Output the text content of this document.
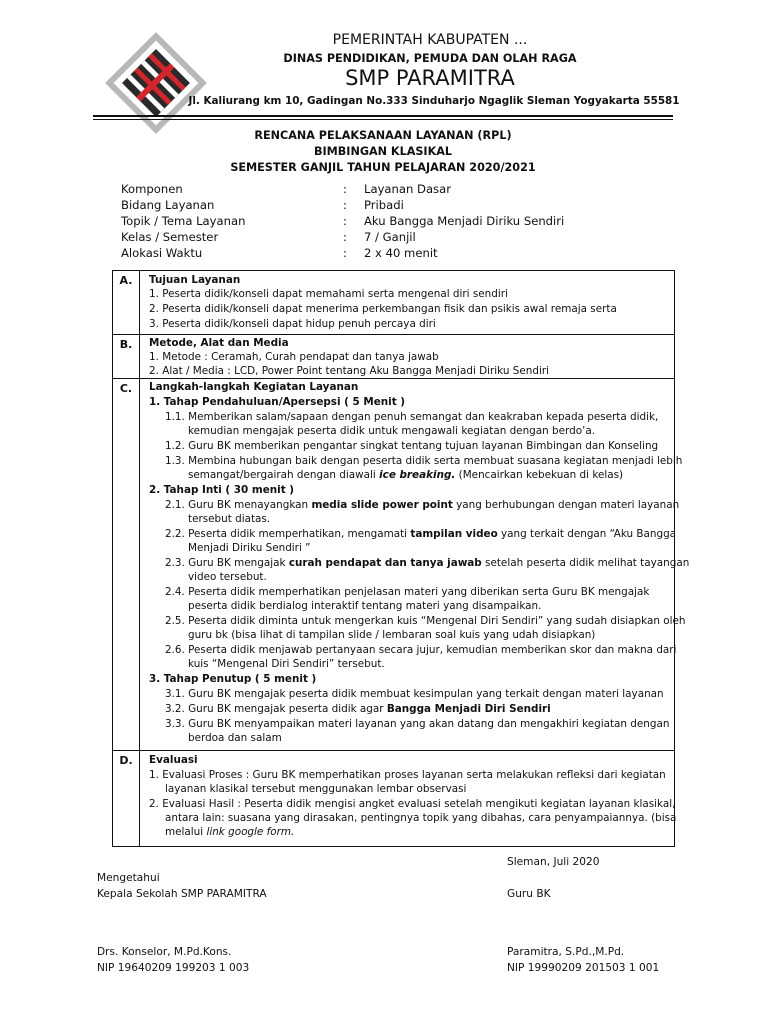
PEMERINTAH KABUPATEN ...
DINAS PENDIDIKAN, PEMUDA DAN OLAH RAGA
SMP PARAMITRA
Jl. Kaliurang km 10, Gadingan No.333 Sinduharjo Ngaglik Sleman Yogyakarta 55581
RENCANA PELAKSANAAN LAYANAN (RPL)
BIMBINGAN KLASIKAL
SEMESTER GANJIL TAHUN PELAJARAN 2020/2021
Komponen	: Layanan Dasar
Bidang Layanan	: Pribadi
Topik / Tema Layanan	: Aku Bangga Menjadi Diriku Sendiri
Kelas / Semester	: 7 / Ganjil
Alokasi Waktu	: 2 x 40 menit
A.	Tujuan Layanan
1. Peserta didik/konseli dapat memahami serta mengenal diri sendiri
2. Peserta didik/konseli dapat menerima perkembangan fisik dan psikis awal remaja serta
3. Peserta didik/konseli dapat hidup penuh percaya diri
B.	Metode, Alat dan Media
1. Metode : Ceramah, Curah pendapat dan tanya jawab
2. Alat / Media : LCD, Power Point tentang Aku Bangga Menjadi Diriku Sendiri
C.	Langkah-langkah Kegiatan Layanan
1. Tahap Pendahuluan/Apersepsi ( 5 Menit )
1.1. Memberikan salam/sapaan dengan penuh semangat dan keakraban kepada peserta didik,
kemudian mengajak peserta didik untuk mengawali kegiatan dengan berdo’a.
1.2. Guru BK memberikan pengantar singkat tentang tujuan layanan Bimbingan dan Konseling
1.3. Membina hubungan baik dengan peserta didik serta membuat suasana kegiatan menjadi lebih
semangat/bergairah dengan diawali ice breaking. (Mencairkan kebekuan di kelas)
2. Tahap Inti ( 30 menit )
2.1. Guru BK menayangkan media slide power point yang berhubungan dengan materi layanan
tersebut diatas.
2.2. Peserta didik memperhatikan, mengamati tampilan video yang terkait dengan “Aku Bangga
Menjadi Diriku Sendiri ”
2.3. Guru BK mengajak curah pendapat dan tanya jawab setelah peserta didik melihat tayangan
video tersebut.
2.4. Peserta didik memperhatikan penjelasan materi yang diberikan serta Guru BK mengajak
peserta didik berdialog interaktif tentang materi yang disampaikan.
2.5. Peserta didik diminta untuk mengerkan kuis “Mengenal Diri Sendiri” yang sudah disiapkan oleh
guru bk (bisa lihat di tampilan slide / lembaran soal kuis yang udah disiapkan)
2.6. Peserta didik menjawab pertanyaan secara jujur, kemudian memberikan skor dan makna dari
kuis “Mengenal Diri Sendiri” tersebut.
3. Tahap Penutup ( 5 menit )
3.1. Guru BK mengajak peserta didik membuat kesimpulan yang terkait dengan materi layanan
3.2. Guru BK mengajak peserta didik agar Bangga Menjadi Diri Sendiri
3.3. Guru BK menyampaikan materi layanan yang akan datang dan mengakhiri kegiatan dengan
berdoa dan salam
D.	Evaluasi
1. Evaluasi Proses : Guru BK memperhatikan proses layanan serta melakukan refleksi dari kegiatan
layanan klasikal tersebut menggunakan lembar observasi
2. Evaluasi Hasil : Peserta didik mengisi angket evaluasi setelah mengikuti kegiatan layanan klasikal,
antara lain: suasana yang dirasakan, pentingnya topik yang dibahas, cara penyampaiannya. (bisa
melalui link google form.
Sleman, Juli 2020
Mengetahui
Kepala Sekolah SMP PARAMITRA	Guru BK
Drs. Konselor, M.Pd.Kons.
NIP 19640209 199203 1 003
Paramitra, S.Pd.,M.Pd.
NIP 19990209 201503 1 001
